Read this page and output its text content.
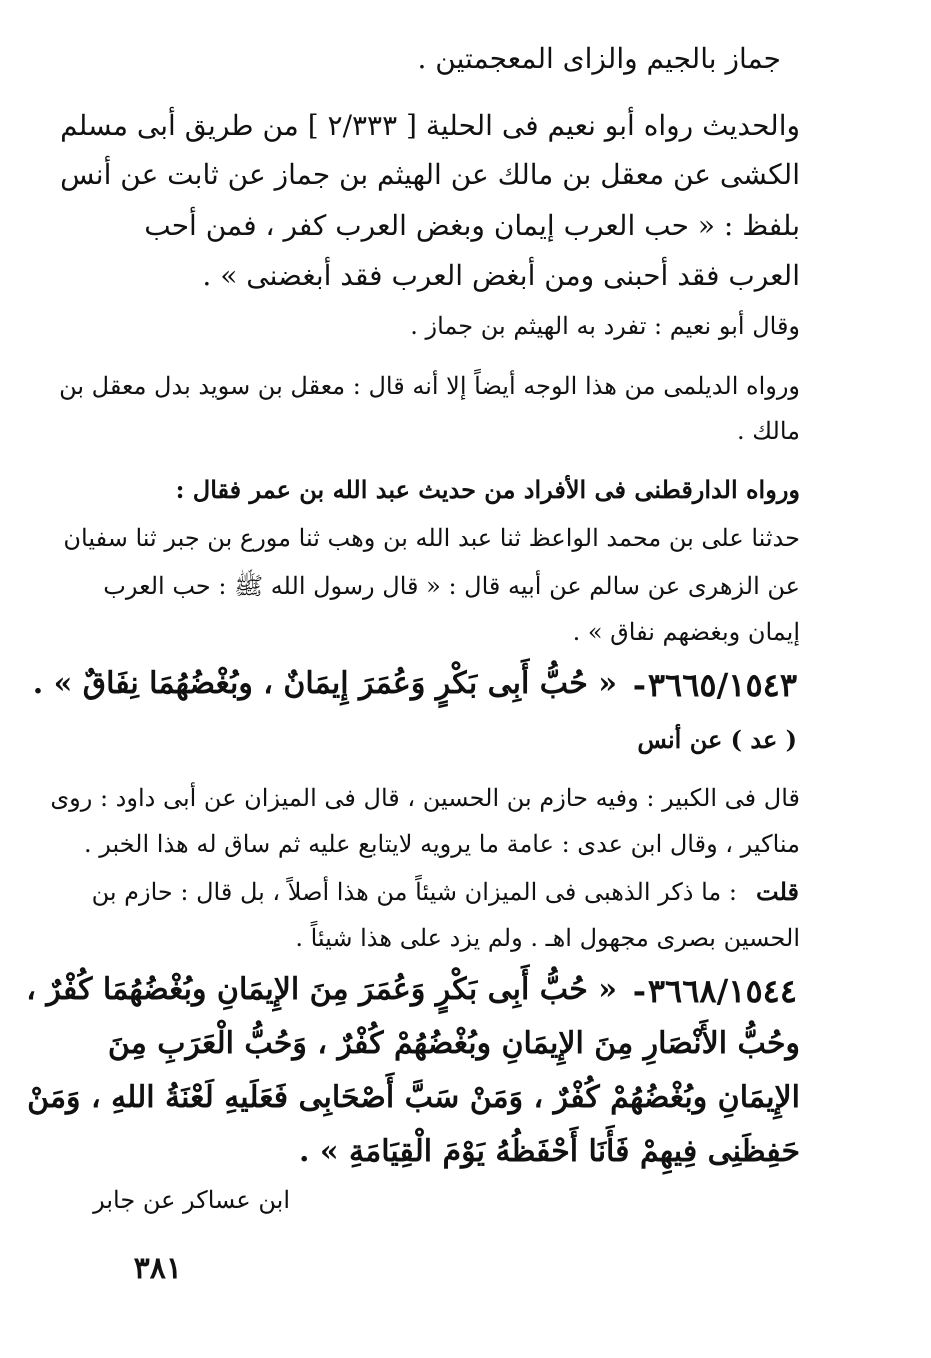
جماز بالجيم والزاى المعجمتين .
والحديث رواه أبو نعيم فى الحلية [ ٢/٣٣٣ ] من طريق أبى مسلم
الكشى عن معقل بن مالك عن الهيثم بن جماز عن ثابت عن أنس
بلفظ : « حب العرب إيمان وبغض العرب كفر ، فمن أحب
العرب فقد أحبنى ومن أبغض العرب فقد أبغضنى » .
وقال أبو نعيم : تفرد به الهيثم بن جماز .
ورواه الديلمى من هذا الوجه أيضاً إلا أنه قال : معقل بن سويد بدل معقل بن
مالك .
ورواه الدارقطنى فى الأفراد من حديث عبد الله بن عمر فقال :
حدثنا على بن محمد الواعظ ثنا عبد الله بن وهب ثنا مورع بن جبر ثنا سفيان
عن الزهرى عن سالم عن أبيه قال : « قال رسول الله ﷺ : حب العرب
إيمان وبغضهم نفاق » .
٣٦٦٥/١٥٤٣
-
« حُبُّ أَبِى بَكْرٍ وَعُمَرَ إِيمَانٌ ، وبُغْضُهُمَا نِفَاقٌ » .
( عد ) عن أنس
قال فى الكبير : وفيه حازم بن الحسين ، قال فى الميزان عن أبى داود : روى
مناكير ، وقال ابن عدى : عامة ما يرويه لايتابع عليه ثم ساق له هذا الخبر .
قلت
: ما ذكر الذهبى فى الميزان شيئاً من هذا أصلاً ، بل قال : حازم بن
الحسين بصرى مجهول اهـ . ولم يزد على هذا شيئاً .
٣٦٦٨/١٥٤٤
-
« حُبُّ أَبِى بَكْرٍ وَعُمَرَ مِنَ الإِيمَانِ وبُغْضُهُمَا كُفْرٌ ،
وحُبُّ الأَنْصَارِ مِنَ الإِيمَانِ وبُغْضُهُمْ كُفْرٌ ، وَحُبُّ الْعَرَبِ مِنَ
الإِيمَانِ وبُغْضُهُمْ كُفْرٌ ، وَمَنْ سَبَّ أَصْحَابِى فَعَلَيهِ لَعْنَةُ اللهِ ، وَمَنْ
حَفِظَنِى فِيهِمْ فَأَنَا أَحْفَظُهُ يَوْمَ الْقِيَامَةِ » .
ابن عساكر عن جابر
٣٨١
